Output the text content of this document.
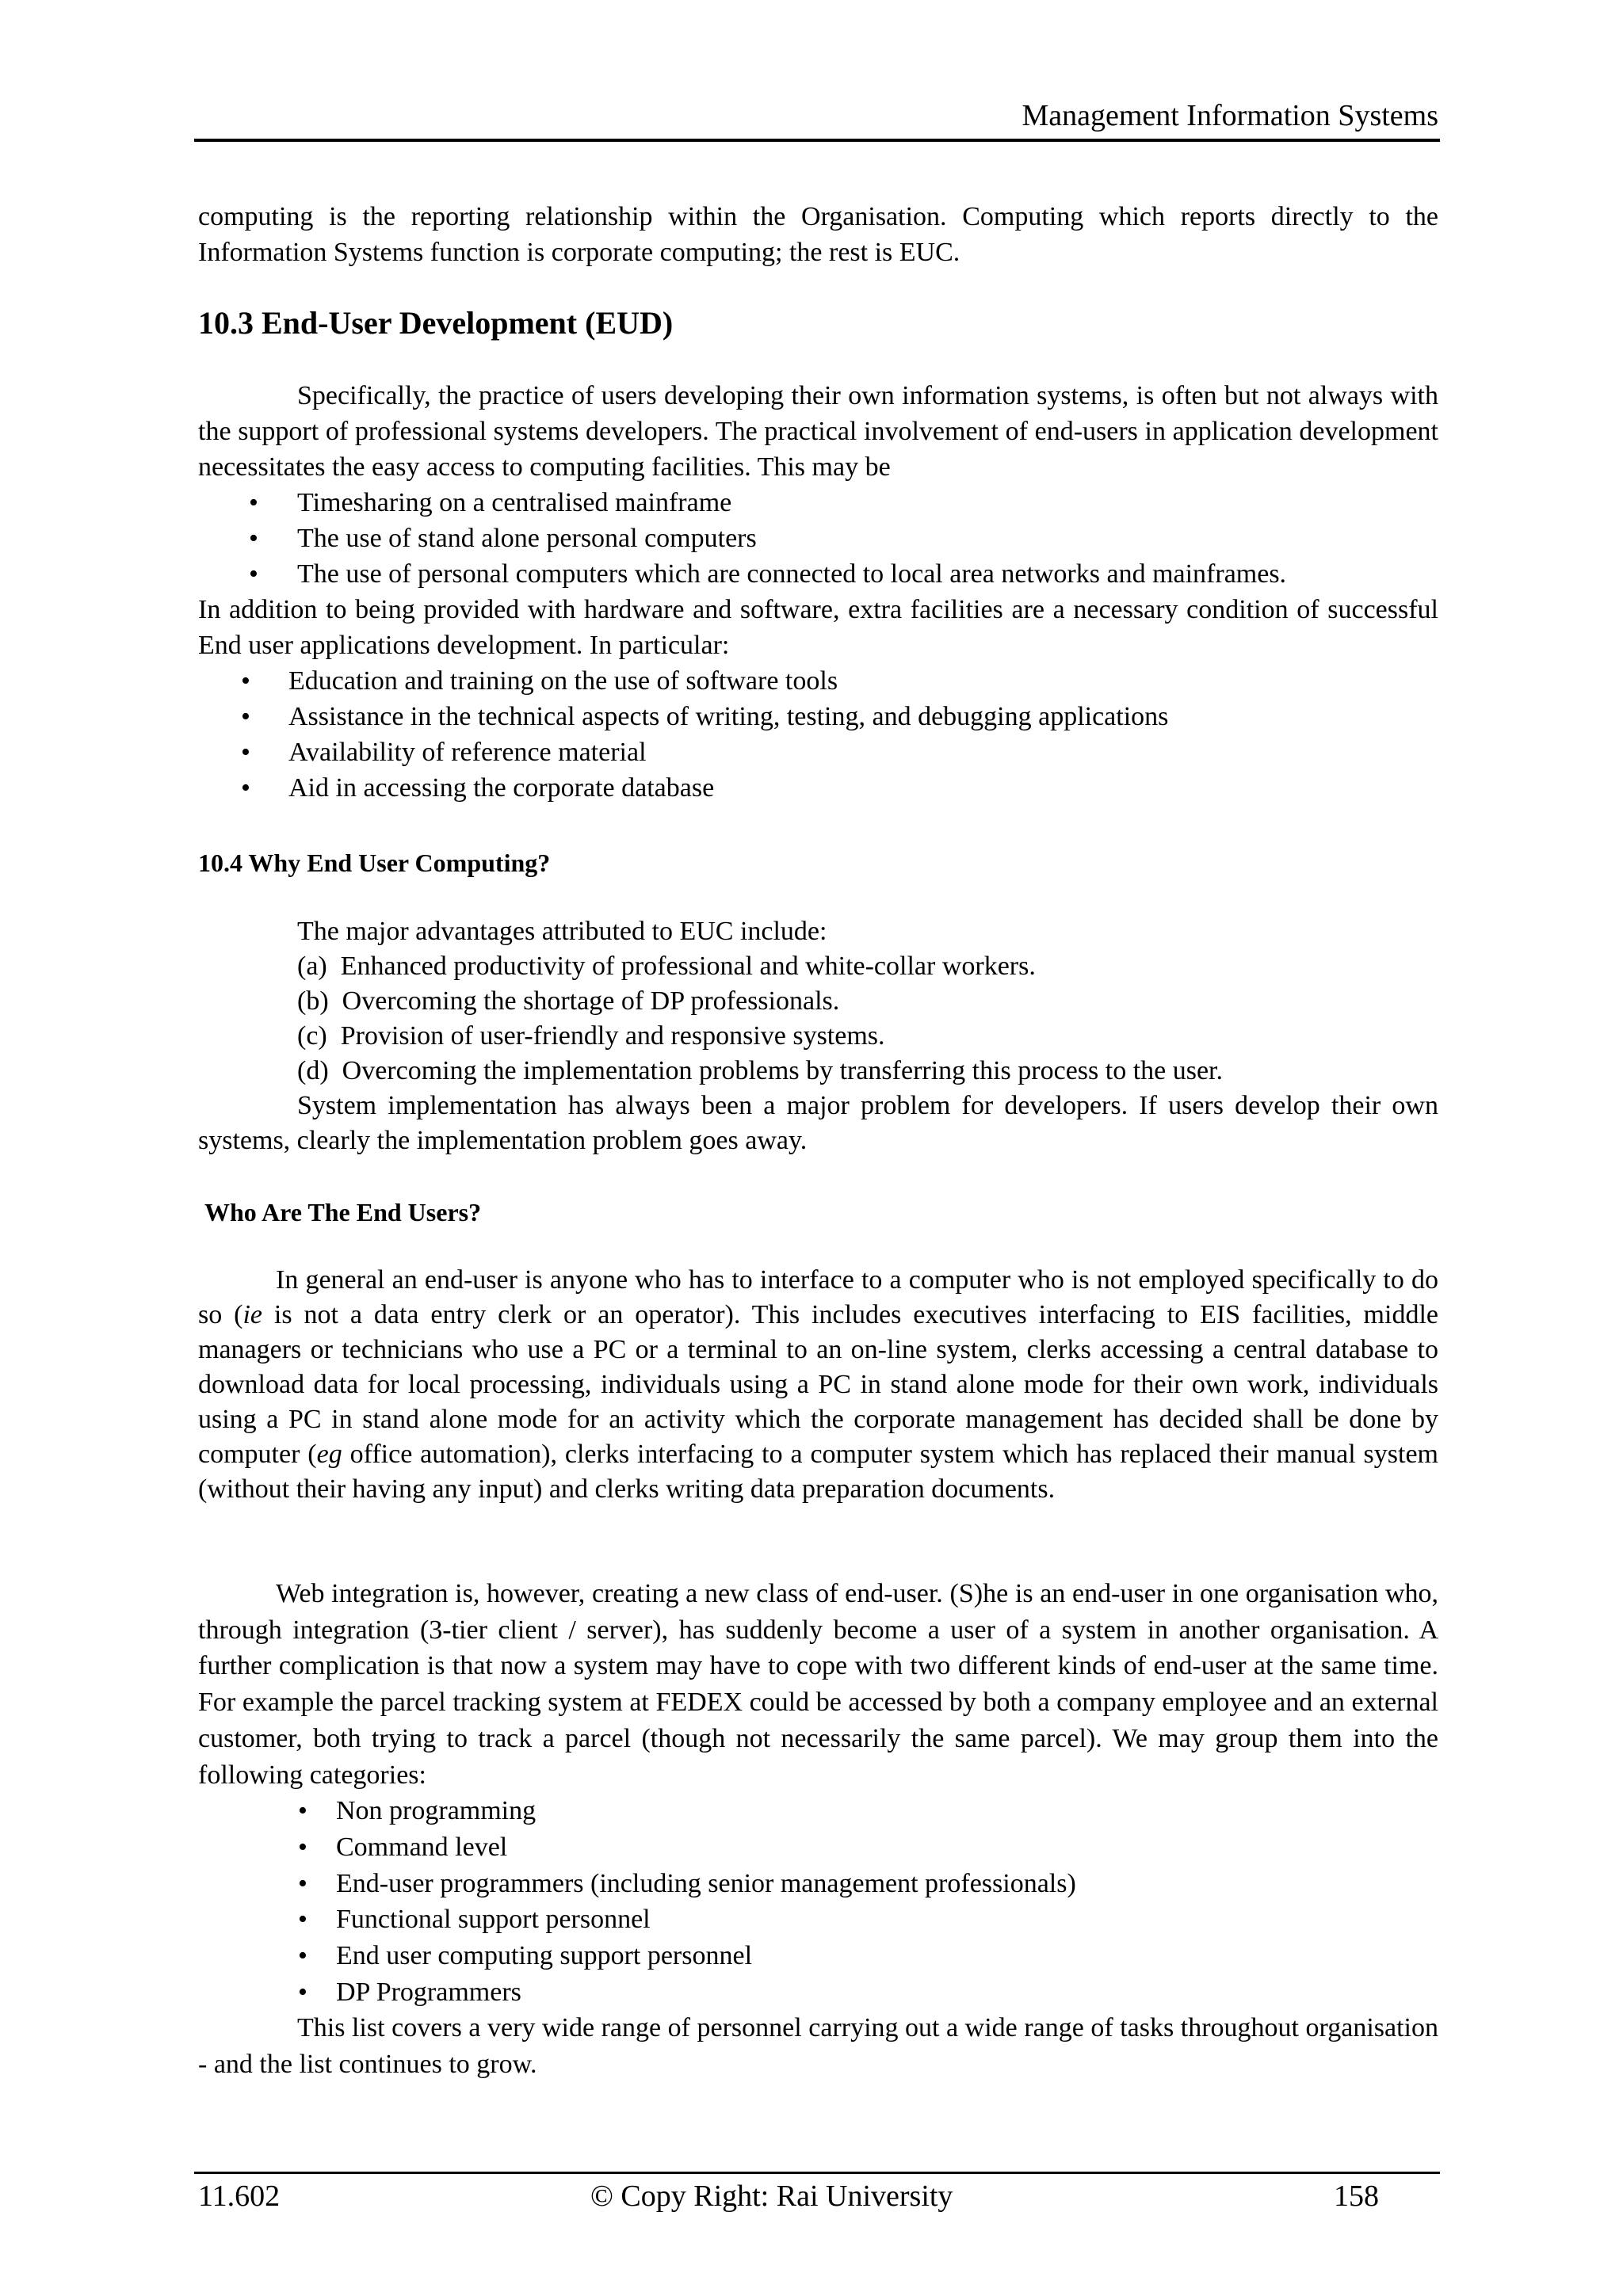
Management Information Systems
computing is the reporting relationship within the Organisation. Computing which reports directly to the Information Systems function is corporate computing; the rest is EUC.
10.3 End-User Development (EUD)
Specifically, the practice of users developing their own information systems, is often but not always with the support of professional systems developers. The practical involvement of end-users in application development necessitates the easy access to computing facilities. This may be
•	Timesharing on a centralised mainframe
•	The use of stand alone personal computers
•	The use of personal computers which are connected to local area networks and mainframes.
In addition to being provided with hardware and software, extra facilities are a necessary condition of successful End user applications development. In particular:
•	Education and training on the use of software tools
•	Assistance in the technical aspects of writing, testing, and debugging applications
•	Availability of reference material
•	Aid in accessing the corporate database
10.4 Why End User Computing?
The major advantages attributed to EUC include:
(a)  Enhanced productivity of professional and white-collar workers.
(b)  Overcoming the shortage of DP professionals.
(c)  Provision of user-friendly and responsive systems.
(d)  Overcoming the implementation problems by transferring this process to the user.
System implementation has always been a major problem for developers. If users develop their own systems, clearly the implementation problem goes away.
Who Are The End Users?
In general an end-user is anyone who has to interface to a computer who is not employed specifically to do so (ie is not a data entry clerk or an operator). This includes executives interfacing to EIS facilities, middle managers or technicians who use a PC or a terminal to an on-line system, clerks accessing a central database to download data for local processing, individuals using a PC in stand alone mode for their own work, individuals using a PC in stand alone mode for an activity which the corporate management has decided shall be done by computer (eg office automation), clerks interfacing to a computer system which has replaced their manual system (without their having any input) and clerks writing data preparation documents.
Web integration is, however, creating a new class of end-user. (S)he is an end-user in one organisation who, through integration (3-tier client / server), has suddenly become a user of a system in another organisation. A further complication is that now a system may have to cope with two different kinds of end-user at the same time. For example the parcel tracking system at FEDEX could be accessed by both a company employee and an external customer, both trying to track a parcel (though not necessarily the same parcel). We may group them into the following categories:
•	Non programming
•	Command level
•	End-user programmers (including senior management professionals)
•	Functional support personnel
•	End user computing support personnel
•	DP Programmers
This list covers a very wide range of personnel carrying out a wide range of tasks throughout organisation - and the list continues to grow.
11.602	© Copy Right: Rai University	158
